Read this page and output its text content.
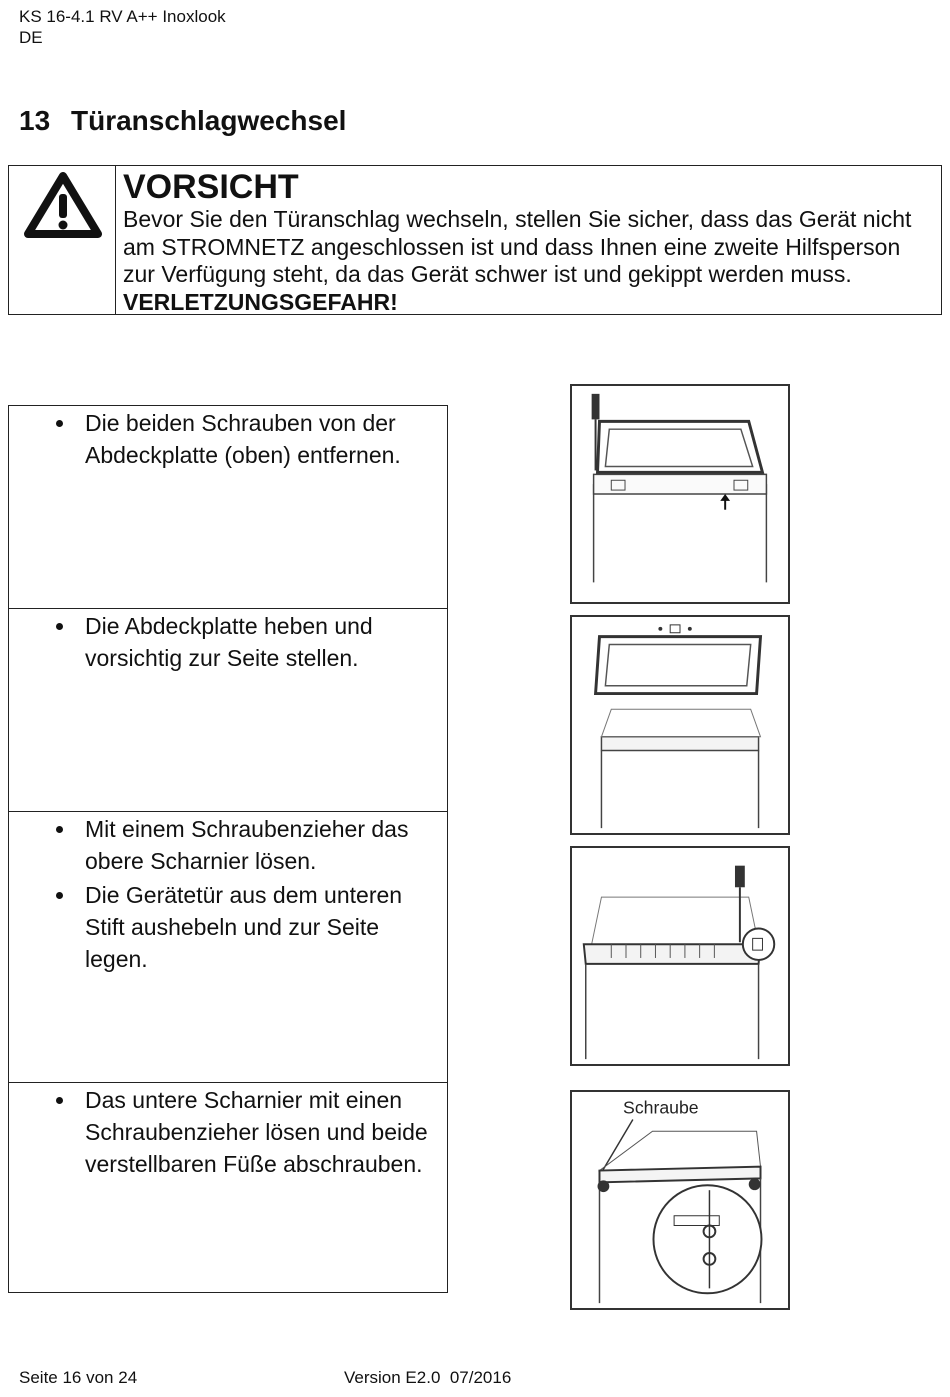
KS 16-4.1 RV A++ Inoxlook
DE
13 Türanschlagwechsel
VORSICHT
Bevor Sie den Türanschlag wechseln, stellen Sie sicher, dass das Gerät nicht am STROMNETZ angeschlossen ist und dass Ihnen eine zweite Hilfsperson zur Verfügung steht, da das Gerät schwer ist und gekippt werden muss. VERLETZUNGSGEFAHR!
Die beiden Schrauben von der Abdeckplatte (oben) entfernen.
Die Abdeckplatte heben und vorsichtig zur Seite stellen.
Mit einem Schraubenzieher das obere Scharnier lösen.
Die Gerätetür aus dem unteren Stift aushebeln und zur Seite legen.
Das untere Scharnier mit einen Schraubenzieher lösen und beide verstellbaren Füße abschrauben.
Schraube
Seite 16 von 24	Version E2.0  07/2016
